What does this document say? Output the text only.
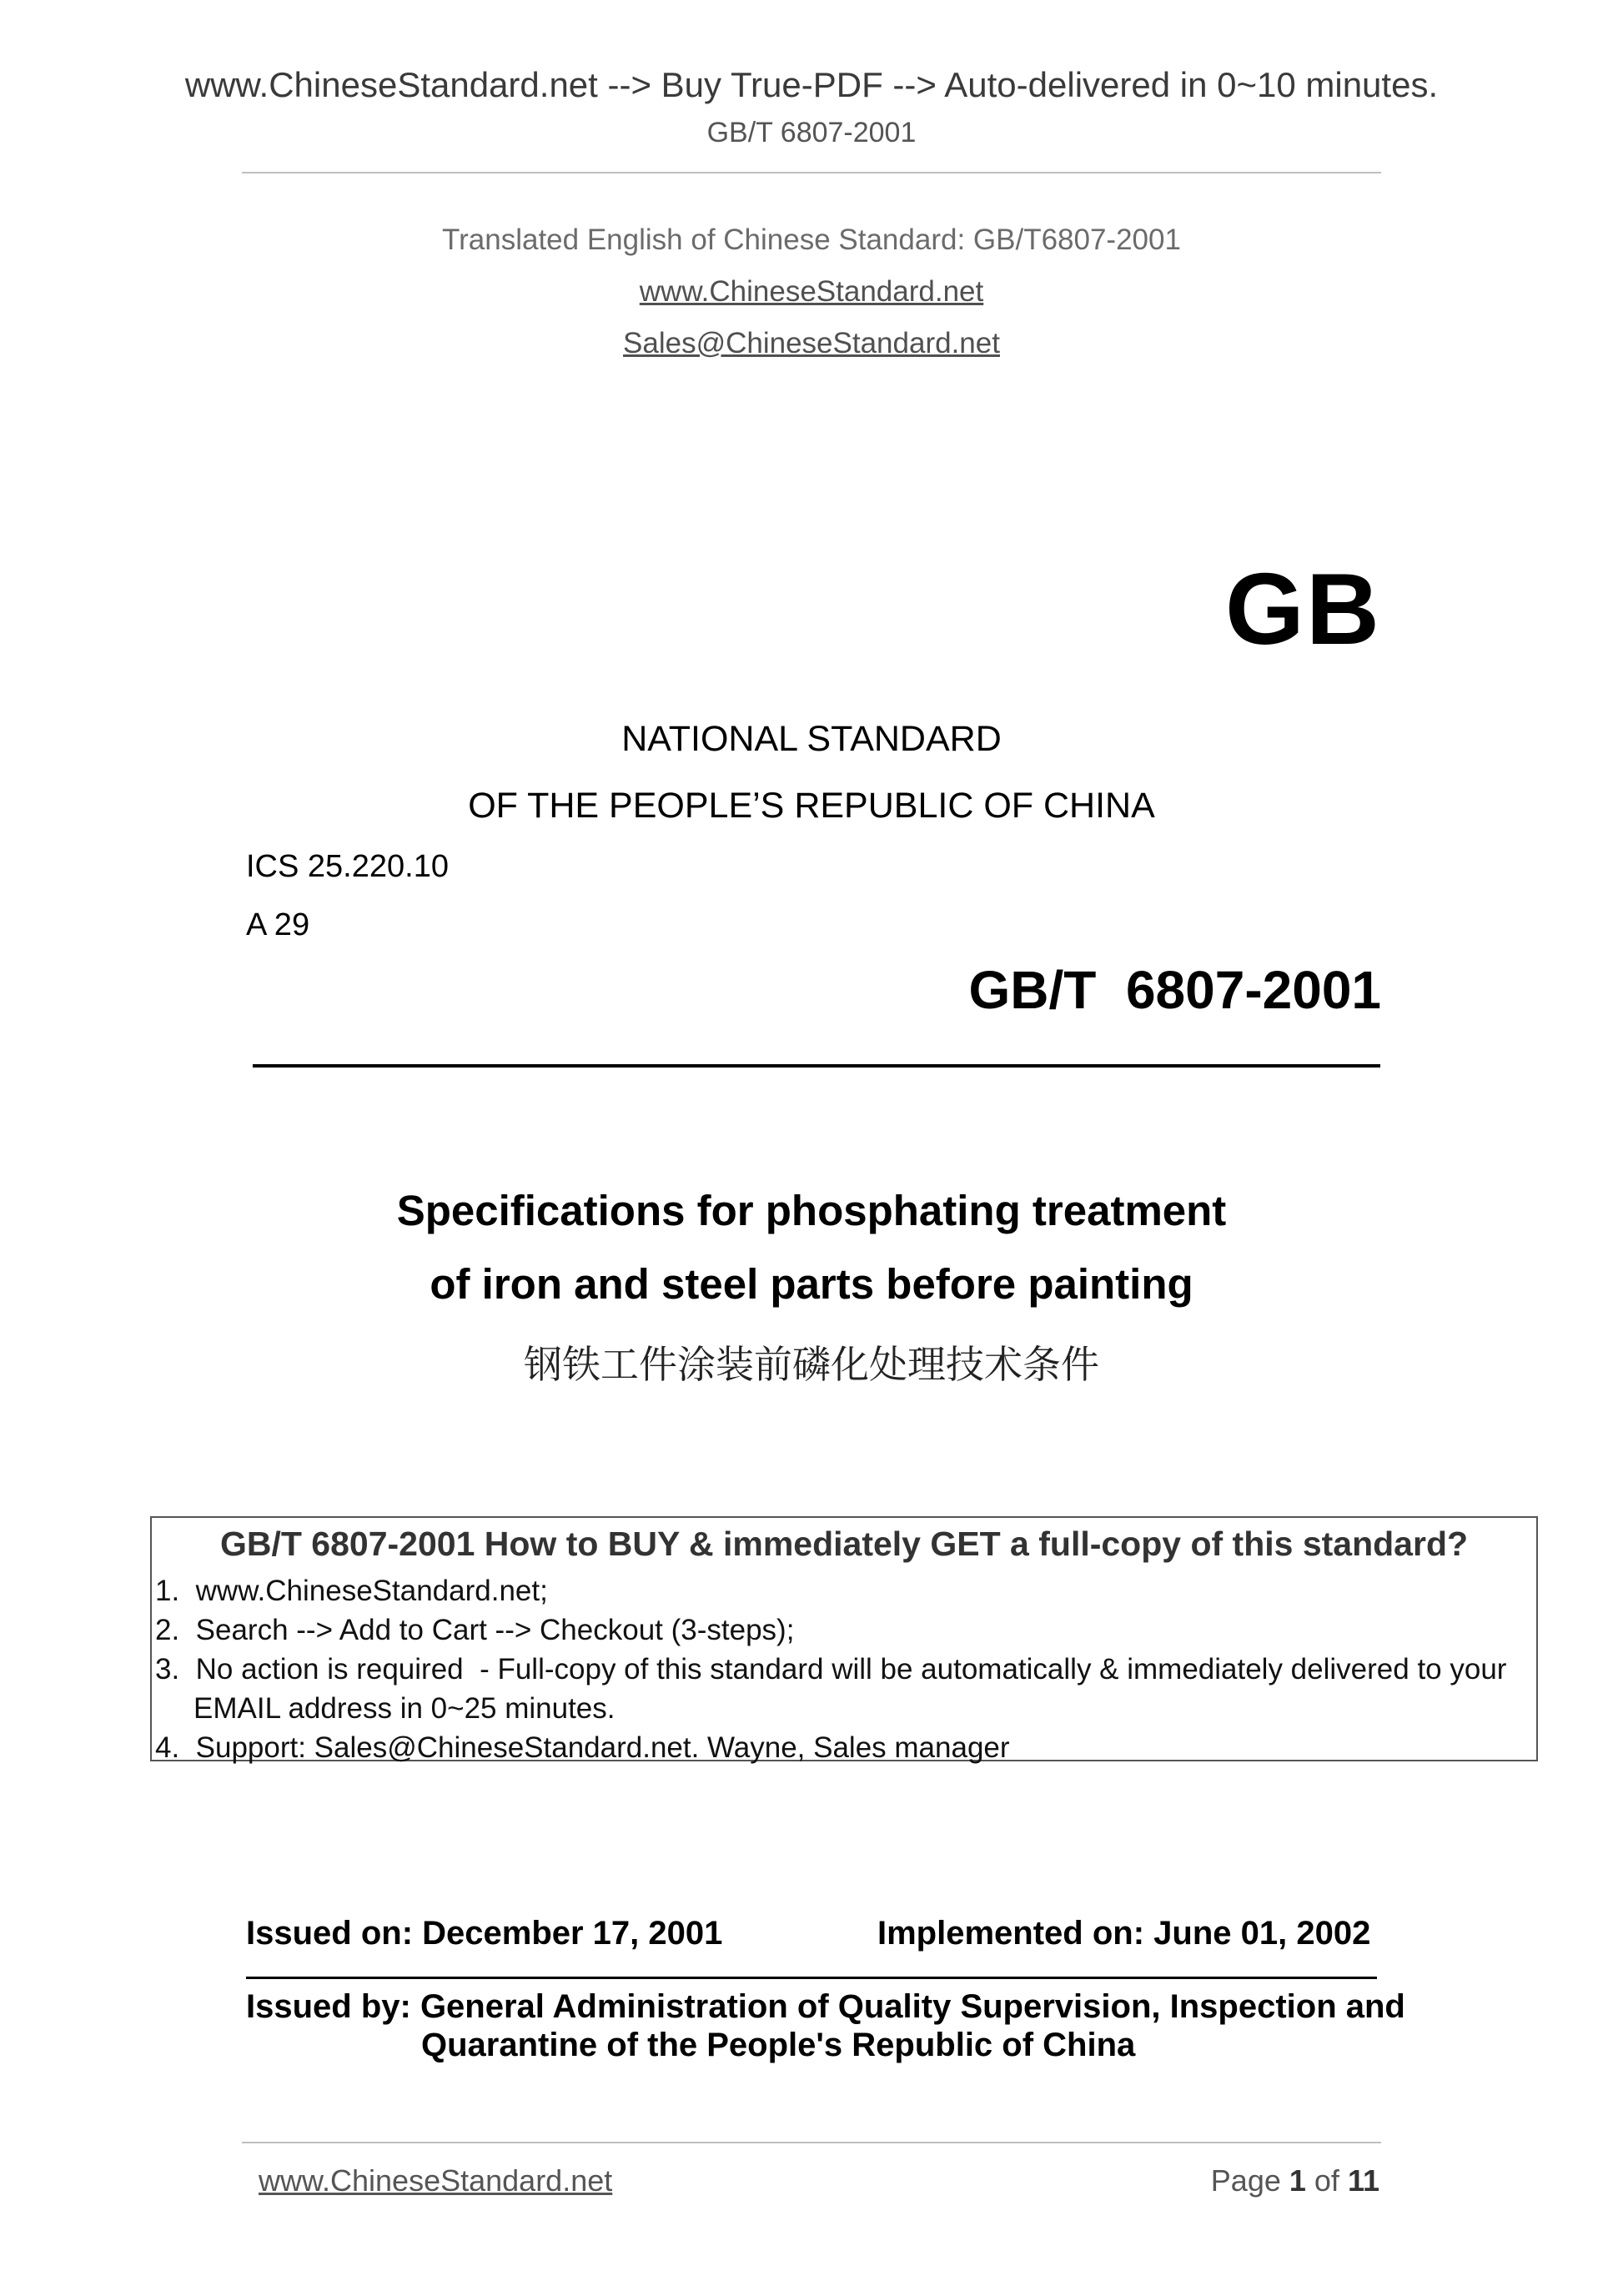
www.ChineseStandard.net --> Buy True-PDF --> Auto-delivered in 0~10 minutes.
GB/T 6807-2001
Translated English of Chinese Standard: GB/T6807-2001
www.ChineseStandard.net
Sales@ChineseStandard.net
GB
NATIONAL STANDARD
OF THE PEOPLE’S REPUBLIC OF CHINA
ICS 25.220.10
A 29
GB/T  6807-2001
Specifications for phosphating treatment
of iron and steel parts before painting
钢铁工件涂装前磷化处理技术条件
GB/T 6807-2001 How to BUY & immediately GET a full-copy of this standard?
1.  www.ChineseStandard.net;
2.  Search --> Add to Cart --> Checkout (3-steps);
3.  No action is required  - Full-copy of this standard will be automatically & immediately delivered to your EMAIL address in 0~25 minutes.
4.  Support: Sales@ChineseStandard.net. Wayne, Sales manager
Issued on: December 17, 2001	Implemented on: June 01, 2002
Issued by: General Administration of Quality Supervision, Inspection and
Quarantine of the People's Republic of China
www.ChineseStandard.net	Page 1 of 11
